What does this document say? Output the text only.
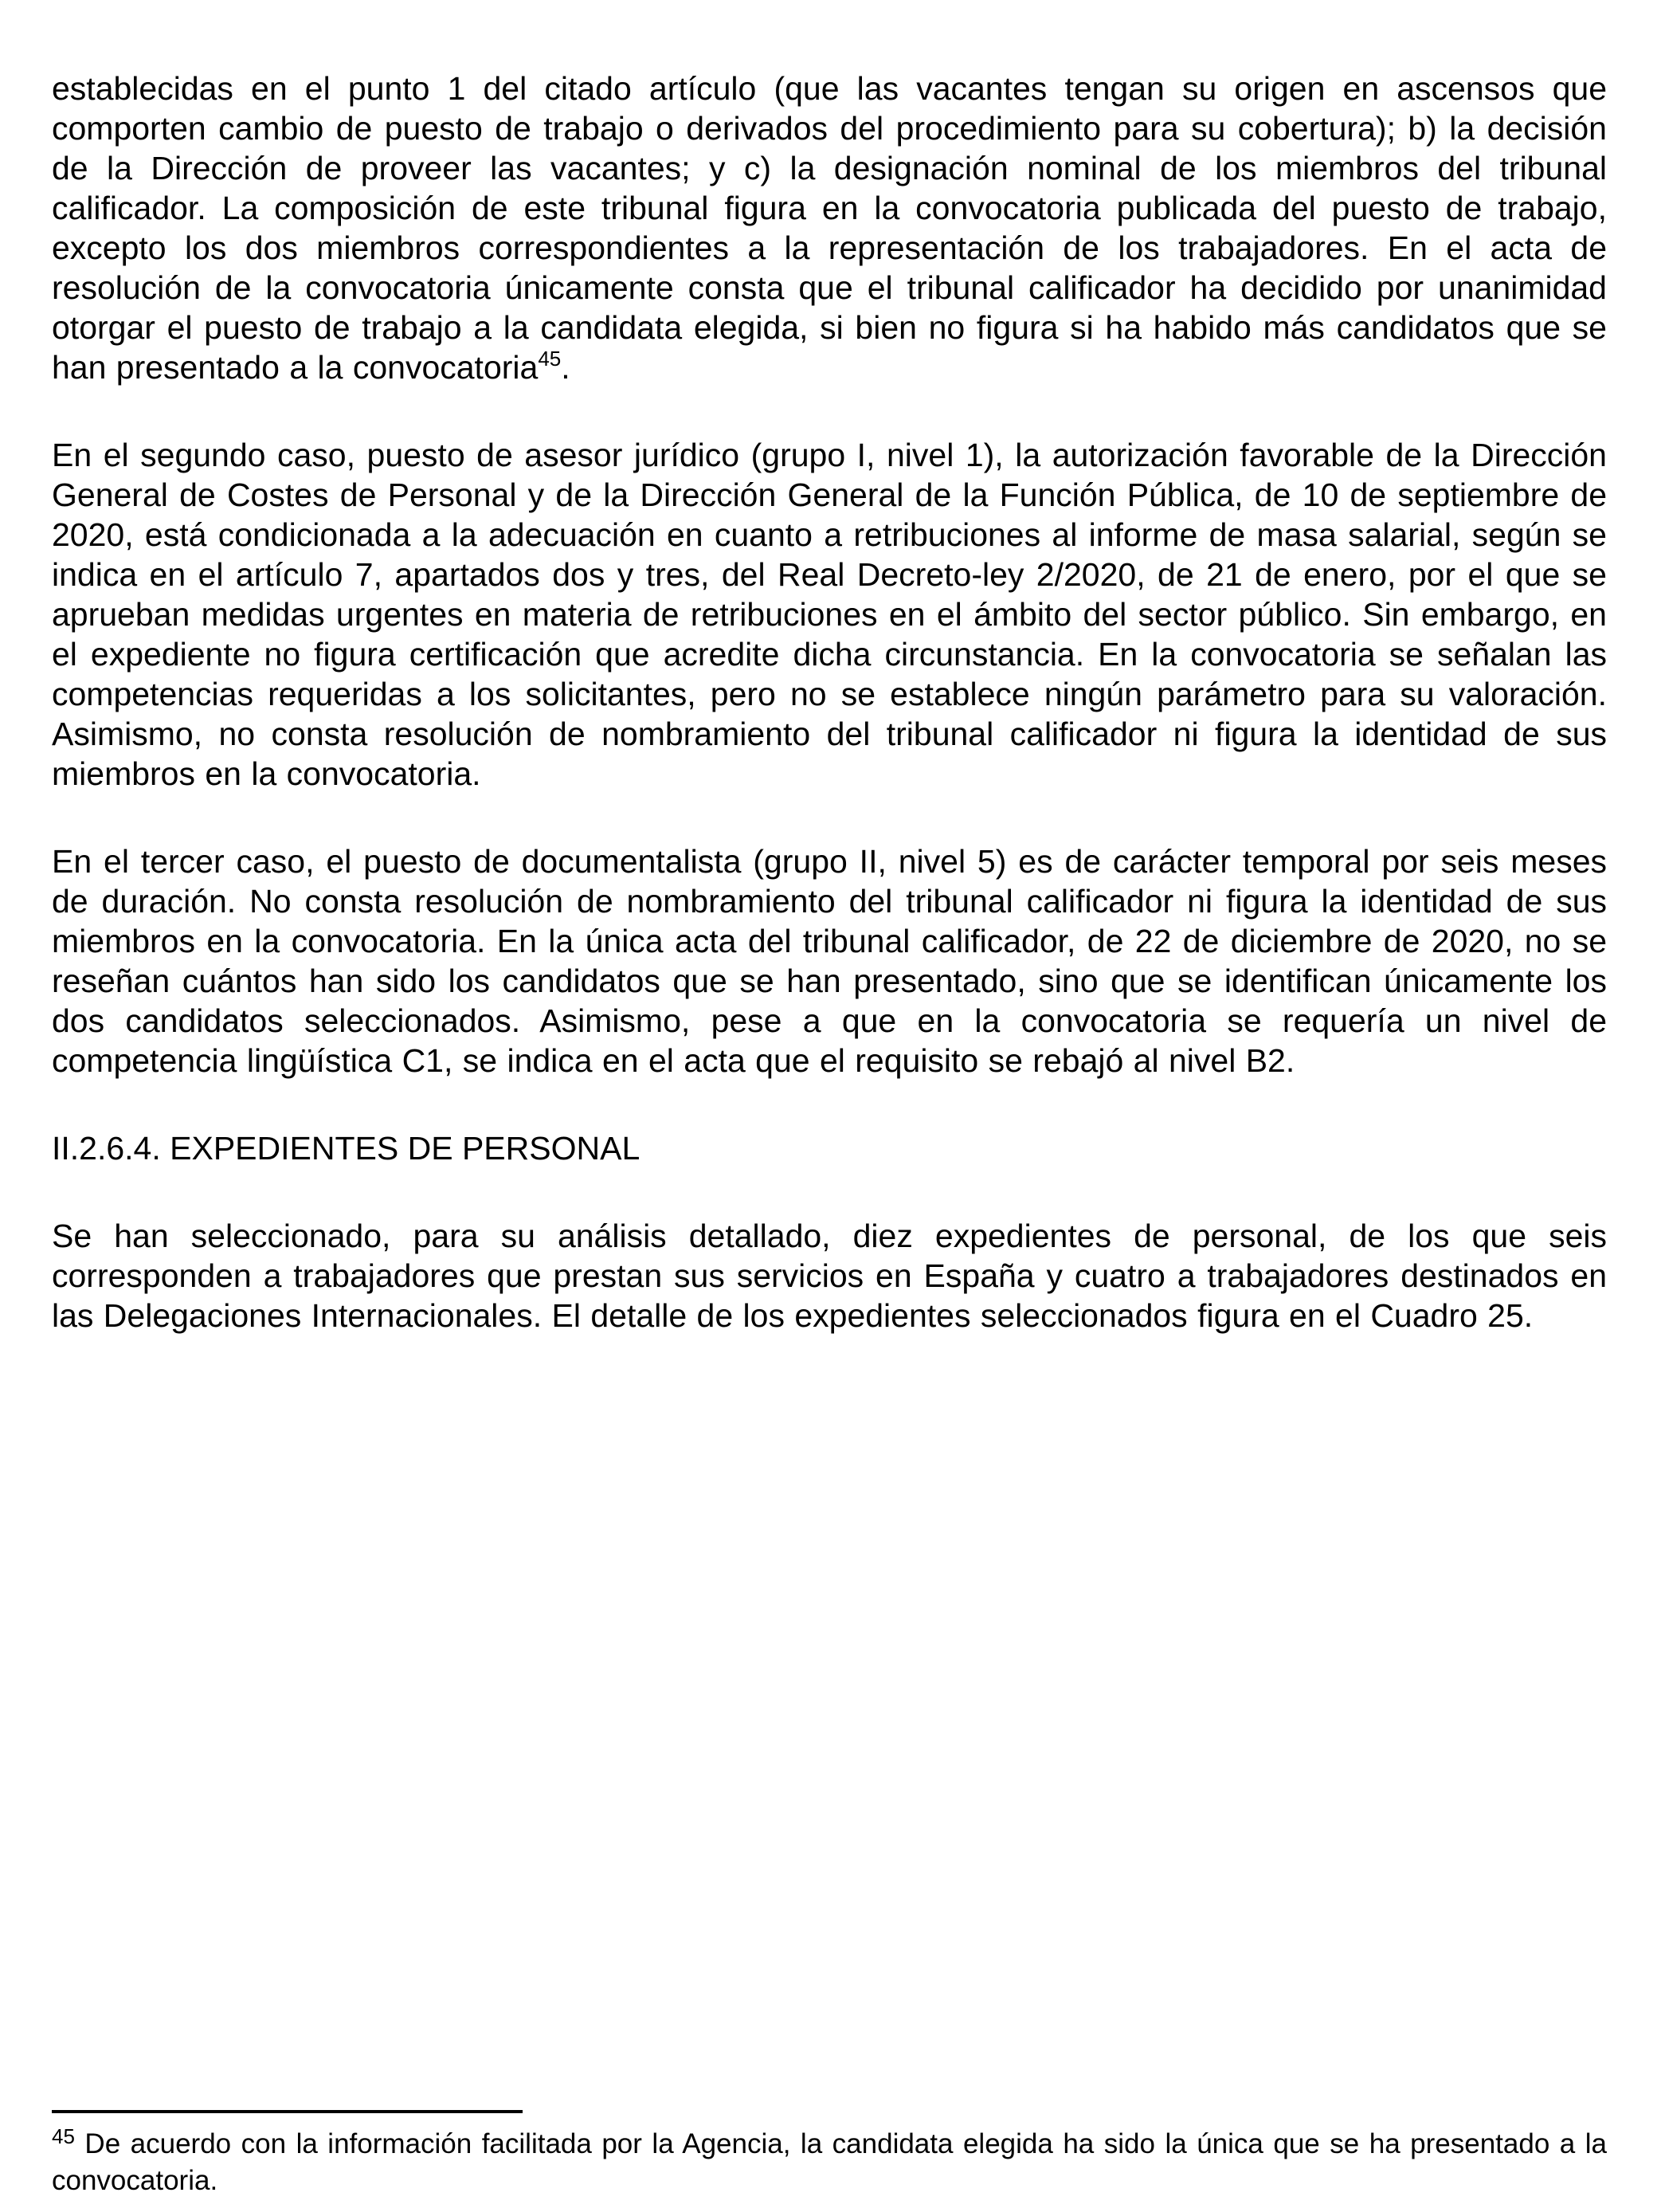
establecidas en el punto 1 del citado artículo (que las vacantes tengan su origen en ascensos que comporten cambio de puesto de trabajo o derivados del procedimiento para su cobertura); b) la decisión de la Dirección de proveer las vacantes; y c) la designación nominal de los miembros del tribunal calificador. La composición de este tribunal figura en la convocatoria publicada del puesto de trabajo, excepto los dos miembros correspondientes a la representación de los trabajadores. En el acta de resolución de la convocatoria únicamente consta que el tribunal calificador ha decidido por unanimidad otorgar el puesto de trabajo a la candidata elegida, si bien no figura si ha habido más candidatos que se han presentado a la convocatoria$^{45}$.

En el segundo caso, puesto de asesor jurídico (grupo I, nivel 1), la autorización favorable de la Dirección General de Costes de Personal y de la Dirección General de la Función Pública, de 10 de septiembre de 2020, está condicionada a la adecuación en cuanto a retribuciones al informe de masa salarial, según se indica en el artículo 7, apartados dos y tres, del Real Decreto-ley 2/2020, de 21 de enero, por el que se aprueban medidas urgentes en materia de retribuciones en el ámbito del sector público. Sin embargo, en el expediente no figura certificación que acredite dicha circunstancia. En la convocatoria se señalan las competencias requeridas a los solicitantes, pero no se establece ningún parámetro para su valoración. Asimismo, no consta resolución de nombramiento del tribunal calificador ni figura la identidad de sus miembros en la convocatoria.

En el tercer caso, el puesto de documentalista (grupo II, nivel 5) es de carácter temporal por seis meses de duración. No consta resolución de nombramiento del tribunal calificador ni figura la identidad de sus miembros en la convocatoria. En la única acta del tribunal calificador, de 22 de diciembre de 2020, no se reseñan cuántos han sido los candidatos que se han presentado, sino que se identifican únicamente los dos candidatos seleccionados. Asimismo, pese a que en la convocatoria se requería un nivel de competencia lingüística C1, se indica en el acta que el requisito se rebajó al nivel B2.

II.2.6.4. EXPEDIENTES DE PERSONAL

Se han seleccionado, para su análisis detallado, diez expedientes de personal, de los que seis corresponden a trabajadores que prestan sus servicios en España y cuatro a trabajadores destinados en las Delegaciones Internacionales. El detalle de los expedientes seleccionados figura en el Cuadro 25.

$^{45}$ De acuerdo con la información facilitada por la Agencia, la candidata elegida ha sido la única que se ha presentado a la convocatoria.
